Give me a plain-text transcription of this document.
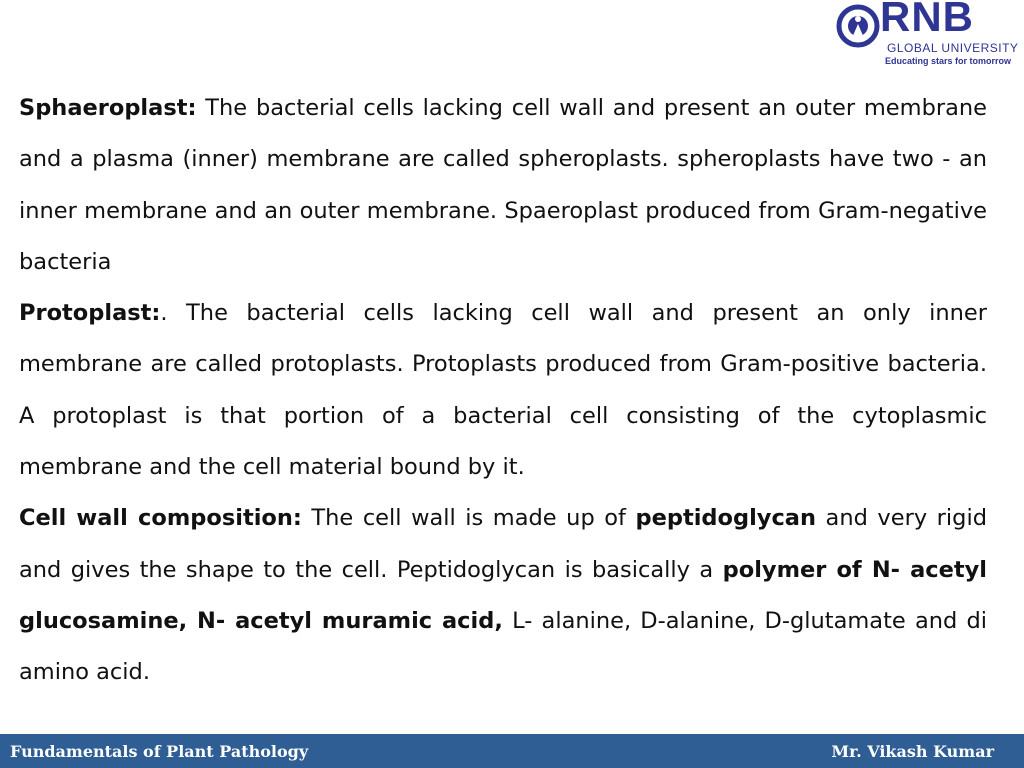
RNB
GLOBAL UNIVERSITY
Educating stars for tomorrow

Sphaeroplast: The bacterial cells lacking cell wall and present an outer membrane and a plasma (inner) membrane are called spheroplasts. spheroplasts have two - an inner membrane and an outer membrane. Spaeroplast produced from Gram-negative bacteria

Protoplast:. The bacterial cells lacking cell wall and present an only inner membrane are called protoplasts. Protoplasts produced from Gram-positive bacteria. A protoplast is that portion of a bacterial cell consisting of the cytoplasmic membrane and the cell material bound by it.

Cell wall composition: The cell wall is made up of peptidoglycan and very rigid and gives the shape to the cell. Peptidoglycan is basically a polymer of N- acetyl glucosamine, N- acetyl muramic acid, L- alanine, D-alanine, D-glutamate and di amino acid.

Fundamentals of Plant Pathology	Mr. Vikash Kumar
